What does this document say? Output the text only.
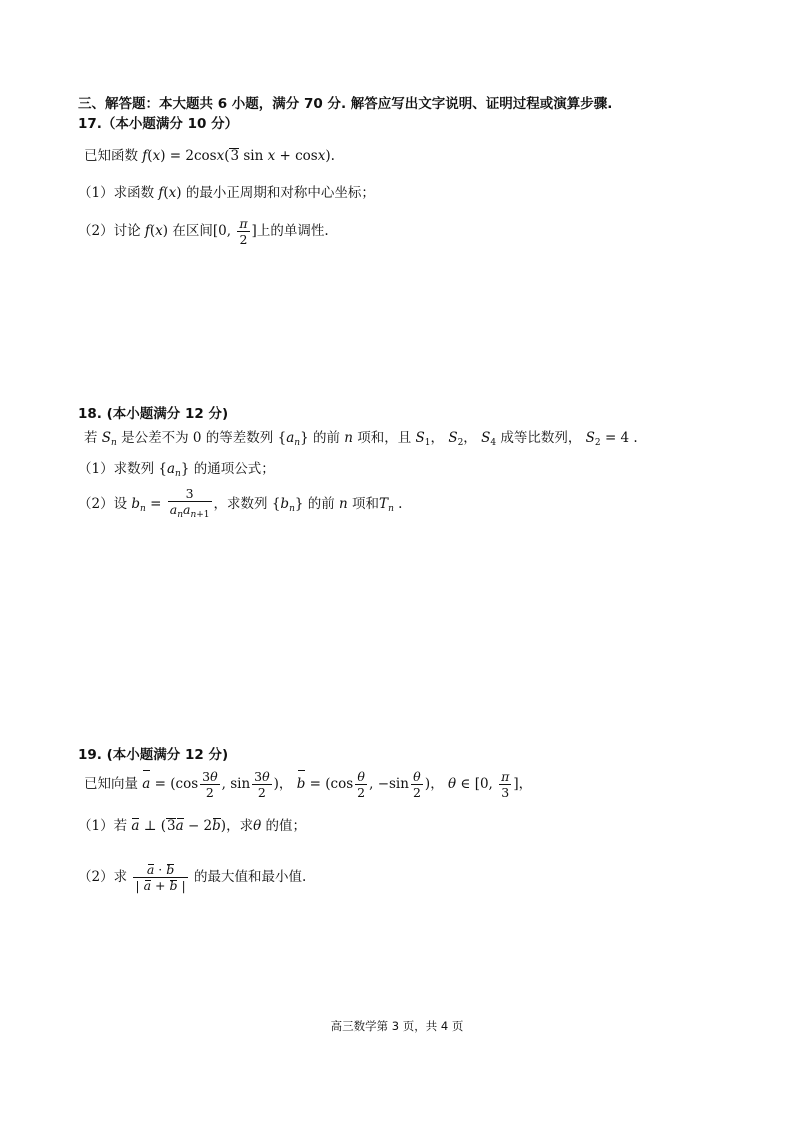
三、解答题：本大题共 6 小题，满分 70 分. 解答应写出文字说明、证明过程或演算步骤.
17.（本小题满分 10 分）
已知函数 f(x) = 2cosx(3 sin x + cosx).
（1）求函数 f(x) 的最小正周期和对称中心坐标；
（2）讨论 f(x) 在区间[0, $\frac{\pi}{2}$ ]上的单调性.
18. (本小题满分 12 分)
若 $S_n$ 是公差不为 0 的等差数列 $\{a_n\}$ 的前 n 项和，且 $S_1$， $S_2$， $S_4$ 成等比数列， $S_2 = 4$ .
（1）求数列 $\{a_n\}$ 的通项公式；
（2）设 $b_n = \frac{3}{a_na_{n+1}}$ ，求数列 $\{b_n\}$ 的前 n 项和$T_n$ .
19. (本小题满分 12 分)
已知向量 $a = (\cos \frac{3\theta}{2}$ , $\sin \frac{3\theta}{2}$ )， $b = (\cos \frac{\theta}{2}$ , $-\sin \frac{\theta}{2}$ )， θ ∈ [0, $\frac{\pi}{3}$ ]，
（1）若 a ⊥ (3a − 2b)，求θ 的值；
（2）求 $\frac{a \cdot b}{| a + b |}$ 的最大值和最小值.
高三数学第 3 页，共 4 页
